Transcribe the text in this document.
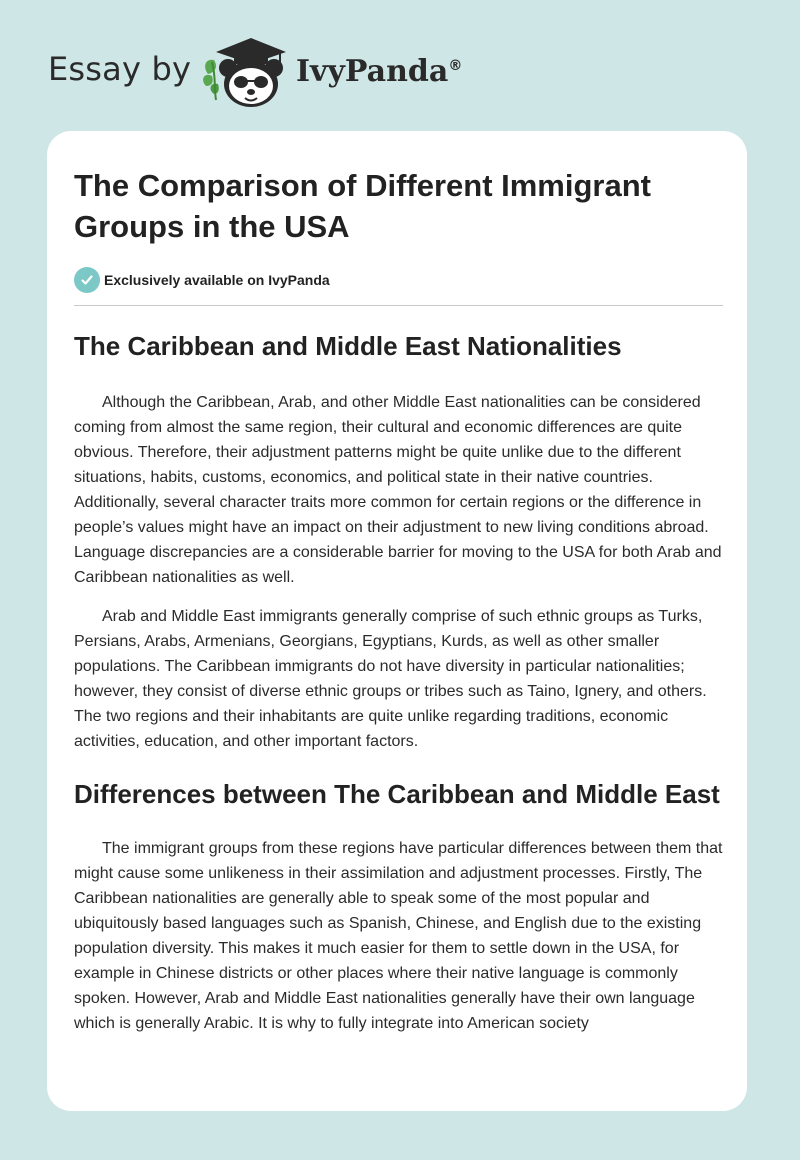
Essay by	IvyPanda®
The Comparison of Different Immigrant Groups in the USA
Exclusively available on IvyPanda
The Caribbean and Middle East Nationalities

Although the Caribbean, Arab, and other Middle East nationalities can be considered coming from almost the same region, their cultural and economic differences are quite obvious. Therefore, their adjustment patterns might be quite unlike due to the different situations, habits, customs, economics, and political state in their native countries. Additionally, several character traits more common for certain regions or the difference in people’s values might have an impact on their adjustment to new living conditions abroad. Language discrepancies are a considerable barrier for moving to the USA for both Arab and Caribbean nationalities as well.

Arab and Middle East immigrants generally comprise of such ethnic groups as Turks, Persians, Arabs, Armenians, Georgians, Egyptians, Kurds, as well as other smaller populations. The Caribbean immigrants do not have diversity in particular nationalities; however, they consist of diverse ethnic groups or tribes such as Taino, Ignery, and others. The two regions and their inhabitants are quite unlike regarding traditions, economic activities, education, and other important factors.

Differences between The Caribbean and Middle East

The immigrant groups from these regions have particular differences between them that might cause some unlikeness in their assimilation and adjustment processes. Firstly, The Caribbean nationalities are generally able to speak some of the most popular and ubiquitously based languages such as Spanish, Chinese, and English due to the existing population diversity. This makes it much easier for them to settle down in the USA, for example in Chinese districts or other places where their native language is commonly spoken. However, Arab and Middle East nationalities generally have their own language which is generally Arabic. It is why to fully integrate into American society
